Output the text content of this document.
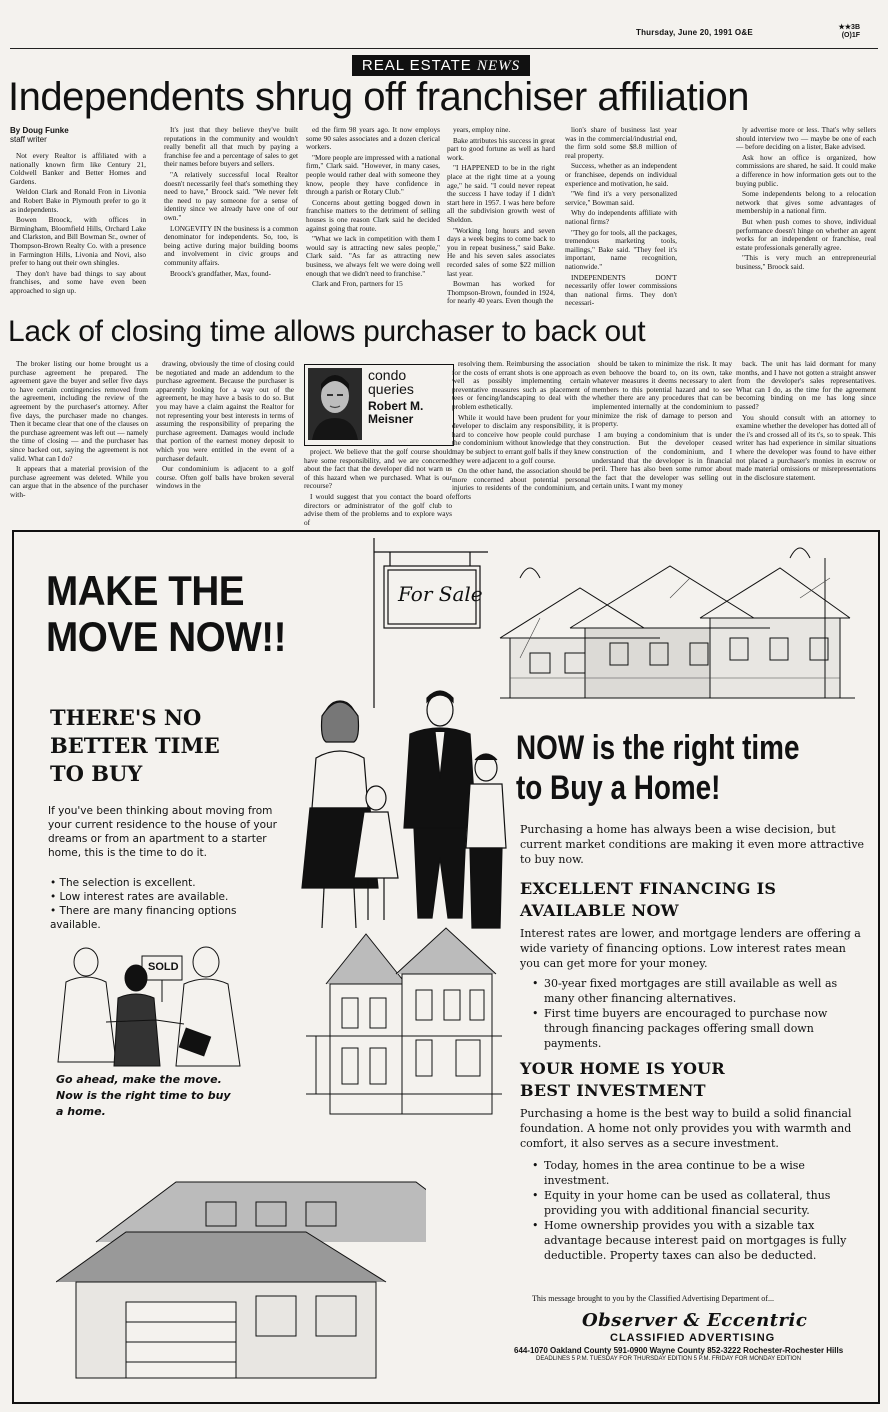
Thursday, June 20, 1991 O&E
★★3B
(O)1F
REAL ESTATE NEWS
Independents shrug off franchiser affiliation
By Doug Funke
staff writer

Not every Realtor is affiliated with a nationally known firm like Century 21, Coldwell Banker and Better Homes and Gardens.

Weldon Clark and Ronald Fron in Livonia and Robert Bake in Plymouth prefer to go it as independents.

Bowen Broock, with offices in Birmingham, Bloomfield Hills, Orchard Lake and Clarkston, and Bill Bowman Sr., owner of Thompson-Brown Realty Co. with a presence in Farmington Hills, Livonia and Novi, also prefer to hang out their own shingles.

They don't have bad things to say about franchises, and some have even been approached to sign up.

It's just that they believe they've built reputations in the community and wouldn't really benefit all that much by paying a franchise fee and a percentage of sales to get their names before buyers and sellers.

"A relatively successful local Realtor doesn't necessarily feel that's something they need to have," Broock said. "We never felt the need to pay someone for a sense of identity since we already have one of our own."

LONGEVITY IN the business is a common denominator for independents. So, too, is being active during major building booms and involvement in civic groups and community affairs.

Broock's grandfather, Max, found-

ed the firm 98 years ago. It now employs some 90 sales associates and a dozen clerical workers.

"More people are impressed with a national firm," Clark said. "However, in many cases, people would rather deal with someone they know, people they have confidence in through a parish or Rotary Club."

Concerns about getting bogged down in franchise matters to the detriment of selling houses is one reason Clark said he decided against going that route.

"What we lack in competition with them I would say is attracting new sales people," Clark said. "As far as attracting new business, we always felt we were doing well enough that we didn't need to franchise."

Clark and Fron, partners for 15

years, employ nine.

Bake attributes his success in great part to good fortune as well as hard work.

"I HAPPENED to be in the right place at the right time at a young age," he said. "I could never repeat the success I have today if I didn't start here in 1957. I was here before all the subdivision growth west of Sheldon.

"Working long hours and seven days a week begins to come back to you in repeat business," said Bake. He and his seven sales associates recorded sales of some $22 million last year.

Bowman has worked for Thompson-Brown, founded in 1924, for nearly 40 years. Even though the

lion's share of business last year was in the commercial/industrial end, the firm sold some $8.8 million of real property.

Success, whether as an independent or franchisee, depends on individual experience and motivation, he said.

"We find it's a very personalized service," Bowman said.

Why do independents affiliate with national firms?

"They go for tools, all the packages, tremendous marketing tools, mailings," Bake said. "They feel it's important, name recognition, nationwide."

INDEPENDENTS DON'T necessarily offer lower commissions than national firms. They don't necessari-

ly advertise more or less. That's why sellers should interview two — maybe be one of each — before deciding on a lister, Bake advised.

Ask how an office is organized, how commissions are shared, he said. It could make a difference in how information gets out to the buying public.

Some independents belong to a relocation network that gives some advantages of membership in a national firm.

But when push comes to shove, individual performance doesn't hinge on whether an agent works for an independent or franchise, real estate professionals generally agree.

"This is very much an entrepreneurial business," Broock said.

Lack of closing time allows purchaser to back out

The broker listing our home brought us a purchase agreement he prepared. The agreement gave the buyer and seller five days to have certain contingencies removed from the agreement, including the review of the agreement by the purchaser's attorney. After five days, the purchaser made no changes. Then it became clear that one of the clauses on the purchase agreement was left out — namely the time of closing — and the purchaser has since backed out, saying the agreement is not valid. What can I do?

It appears that a material provision of the purchase agreement was deleted. While you can argue that in the absence of the purchaser with-

drawing, obviously the time of closing could be negotiated and made an addendum to the purchase agreement. Because the purchaser is apparently looking for a way out of the agreement, he may have a basis to do so. But you may have a claim against the Realtor for not representing your best interests in terms of assuming the responsibility of preparing the purchase agreement. Damages would include that portion of the earnest money deposit to which you were entitled in the event of a purchaser default.

Our condominium is adjacent to a golf course. Often golf balls have broken several windows in the

condo
queries
Robert M.
Meisner

project. We believe that the golf course should have some responsibility, and we are concerned about the fact that the developer did not warn us of this hazard when we purchased. What is our recourse?

I would suggest that you contact the board of directors or administrator of the golf club to advise them of the problems and to explore ways of

resolving them. Reimbursing the association for the costs of errant shots is one approach as well as possibly implementing certain preventative measures such as placement of tees or fencing/landscaping to deal with the problem esthetically.

While it would have been prudent for your developer to disclaim any responsibility, it is hard to conceive how people could purchase the condominium without knowledge that they may be subject to errant golf balls if they knew they were adjacent to a golf course.

On the other hand, the association should be more concerned about potential personal injuries to residents of the condominium, and efforts

should be taken to minimize the risk. It may even behoove the board to, on its own, take whatever measures it deems necessary to alert members to this potential hazard and to see whether there are any procedures that can be implemented internally at the condominium to minimize the risk of damage to person and property.

I am buying a condominium that is under construction. But the developer ceased construction of the condominium, and I understand that the developer is in financial peril. There has also been some rumor about the fact that the developer was selling out certain units. I want my money

back. The unit has laid dormant for many months, and I have not gotten a straight answer from the developer's sales representatives. What can I do, as the time for the agreement becoming binding on me has long since passed?

You should consult with an attorney to examine whether the developer has dotted all of the i's and crossed all of its t's, so to speak. This writer has had experience in similar situations where the developer was found to have either not placed a purchaser's monies in escrow or made material omissions or misrepresentations in the disclosure statement.

MAKE THE
MOVE NOW!!
For Sale
THERE'S NO
BETTER TIME
TO BUY
If you've been thinking about moving from your current residence to the house of your dreams or from an apartment to a starter home, this is the time to do it.
• The selection is excellent.
• Low interest rates are available.
• There are many financing options available.
SOLD
Go ahead, make the move.
Now is the right time to buy
a home.
NOW is the right time
to Buy a Home!
Purchasing a home has always been a wise decision, but current market conditions are making it even more attractive to buy now.
EXCELLENT FINANCING IS
AVAILABLE NOW
Interest rates are lower, and mortgage lenders are offering a wide variety of financing options. Low interest rates mean you can get more for your money.
• 30-year fixed mortgages are still available as well as many other financing alternatives.
• First time buyers are encouraged to purchase now through financing packages offering small down payments.
YOUR HOME IS YOUR
BEST INVESTMENT
Purchasing a home is the best way to build a solid financial foundation. A home not only provides you with warmth and comfort, it also serves as a secure investment.
• Today, homes in the area continue to be a wise investment.
• Equity in your home can be used as collateral, thus providing you with additional financial security.
• Home ownership provides you with a sizable tax advantage because interest paid on mortgages is fully deductible. Property taxes can also be deducted.
This message brought to you by the Classified Advertising Department of...
Observer & Eccentric
CLASSIFIED ADVERTISING
644-1070 Oakland County 591-0900 Wayne County 852-3222 Rochester-Rochester Hills
DEADLINES 5 P.M. TUESDAY FOR THURSDAY EDITION 5 P.M. FRIDAY FOR MONDAY EDITION
